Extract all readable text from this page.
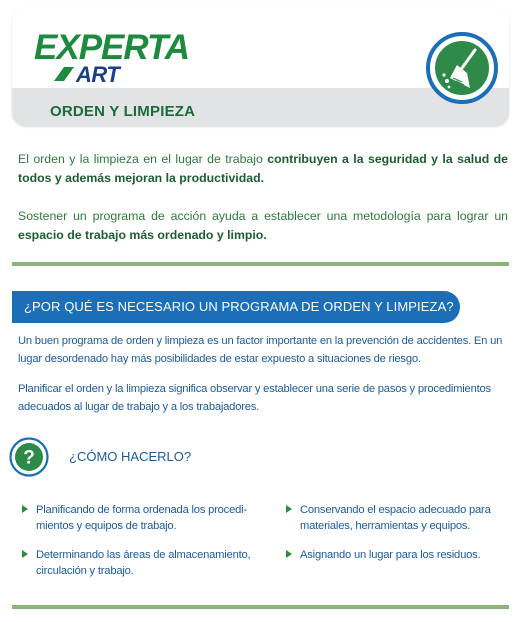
EXPERTA
ART
ORDEN Y LIMPIEZA

El orden y la limpieza en el lugar de trabajo contribuyen a la seguridad y la salud de todos y además mejoran la productividad.

Sostener un programa de acción ayuda a establecer una metodología para lograr un espacio de trabajo más ordenado y limpio.

¿POR QUÉ ES NECESARIO UN PROGRAMA DE ORDEN Y LIMPIEZA?

Un buen programa de orden y limpieza es un factor importante en la prevención de accidentes. En un lugar desordenado hay más posibilidades de estar expuesto a situaciones de riesgo.

Planificar el orden y la limpieza significa observar y establecer una serie de pasos y procedimientos adecuados al lugar de trabajo y a los trabajadores.

?	¿CÓMO HACERLO?
Planificando de forma ordenada los procedi-mientos y equipos de trabajo.
Determinando las áreas de almacenamiento, circulación y trabajo.
Conservando el espacio adecuado para materiales, herramientas y equipos.
Asignando un lugar para los residuos.
